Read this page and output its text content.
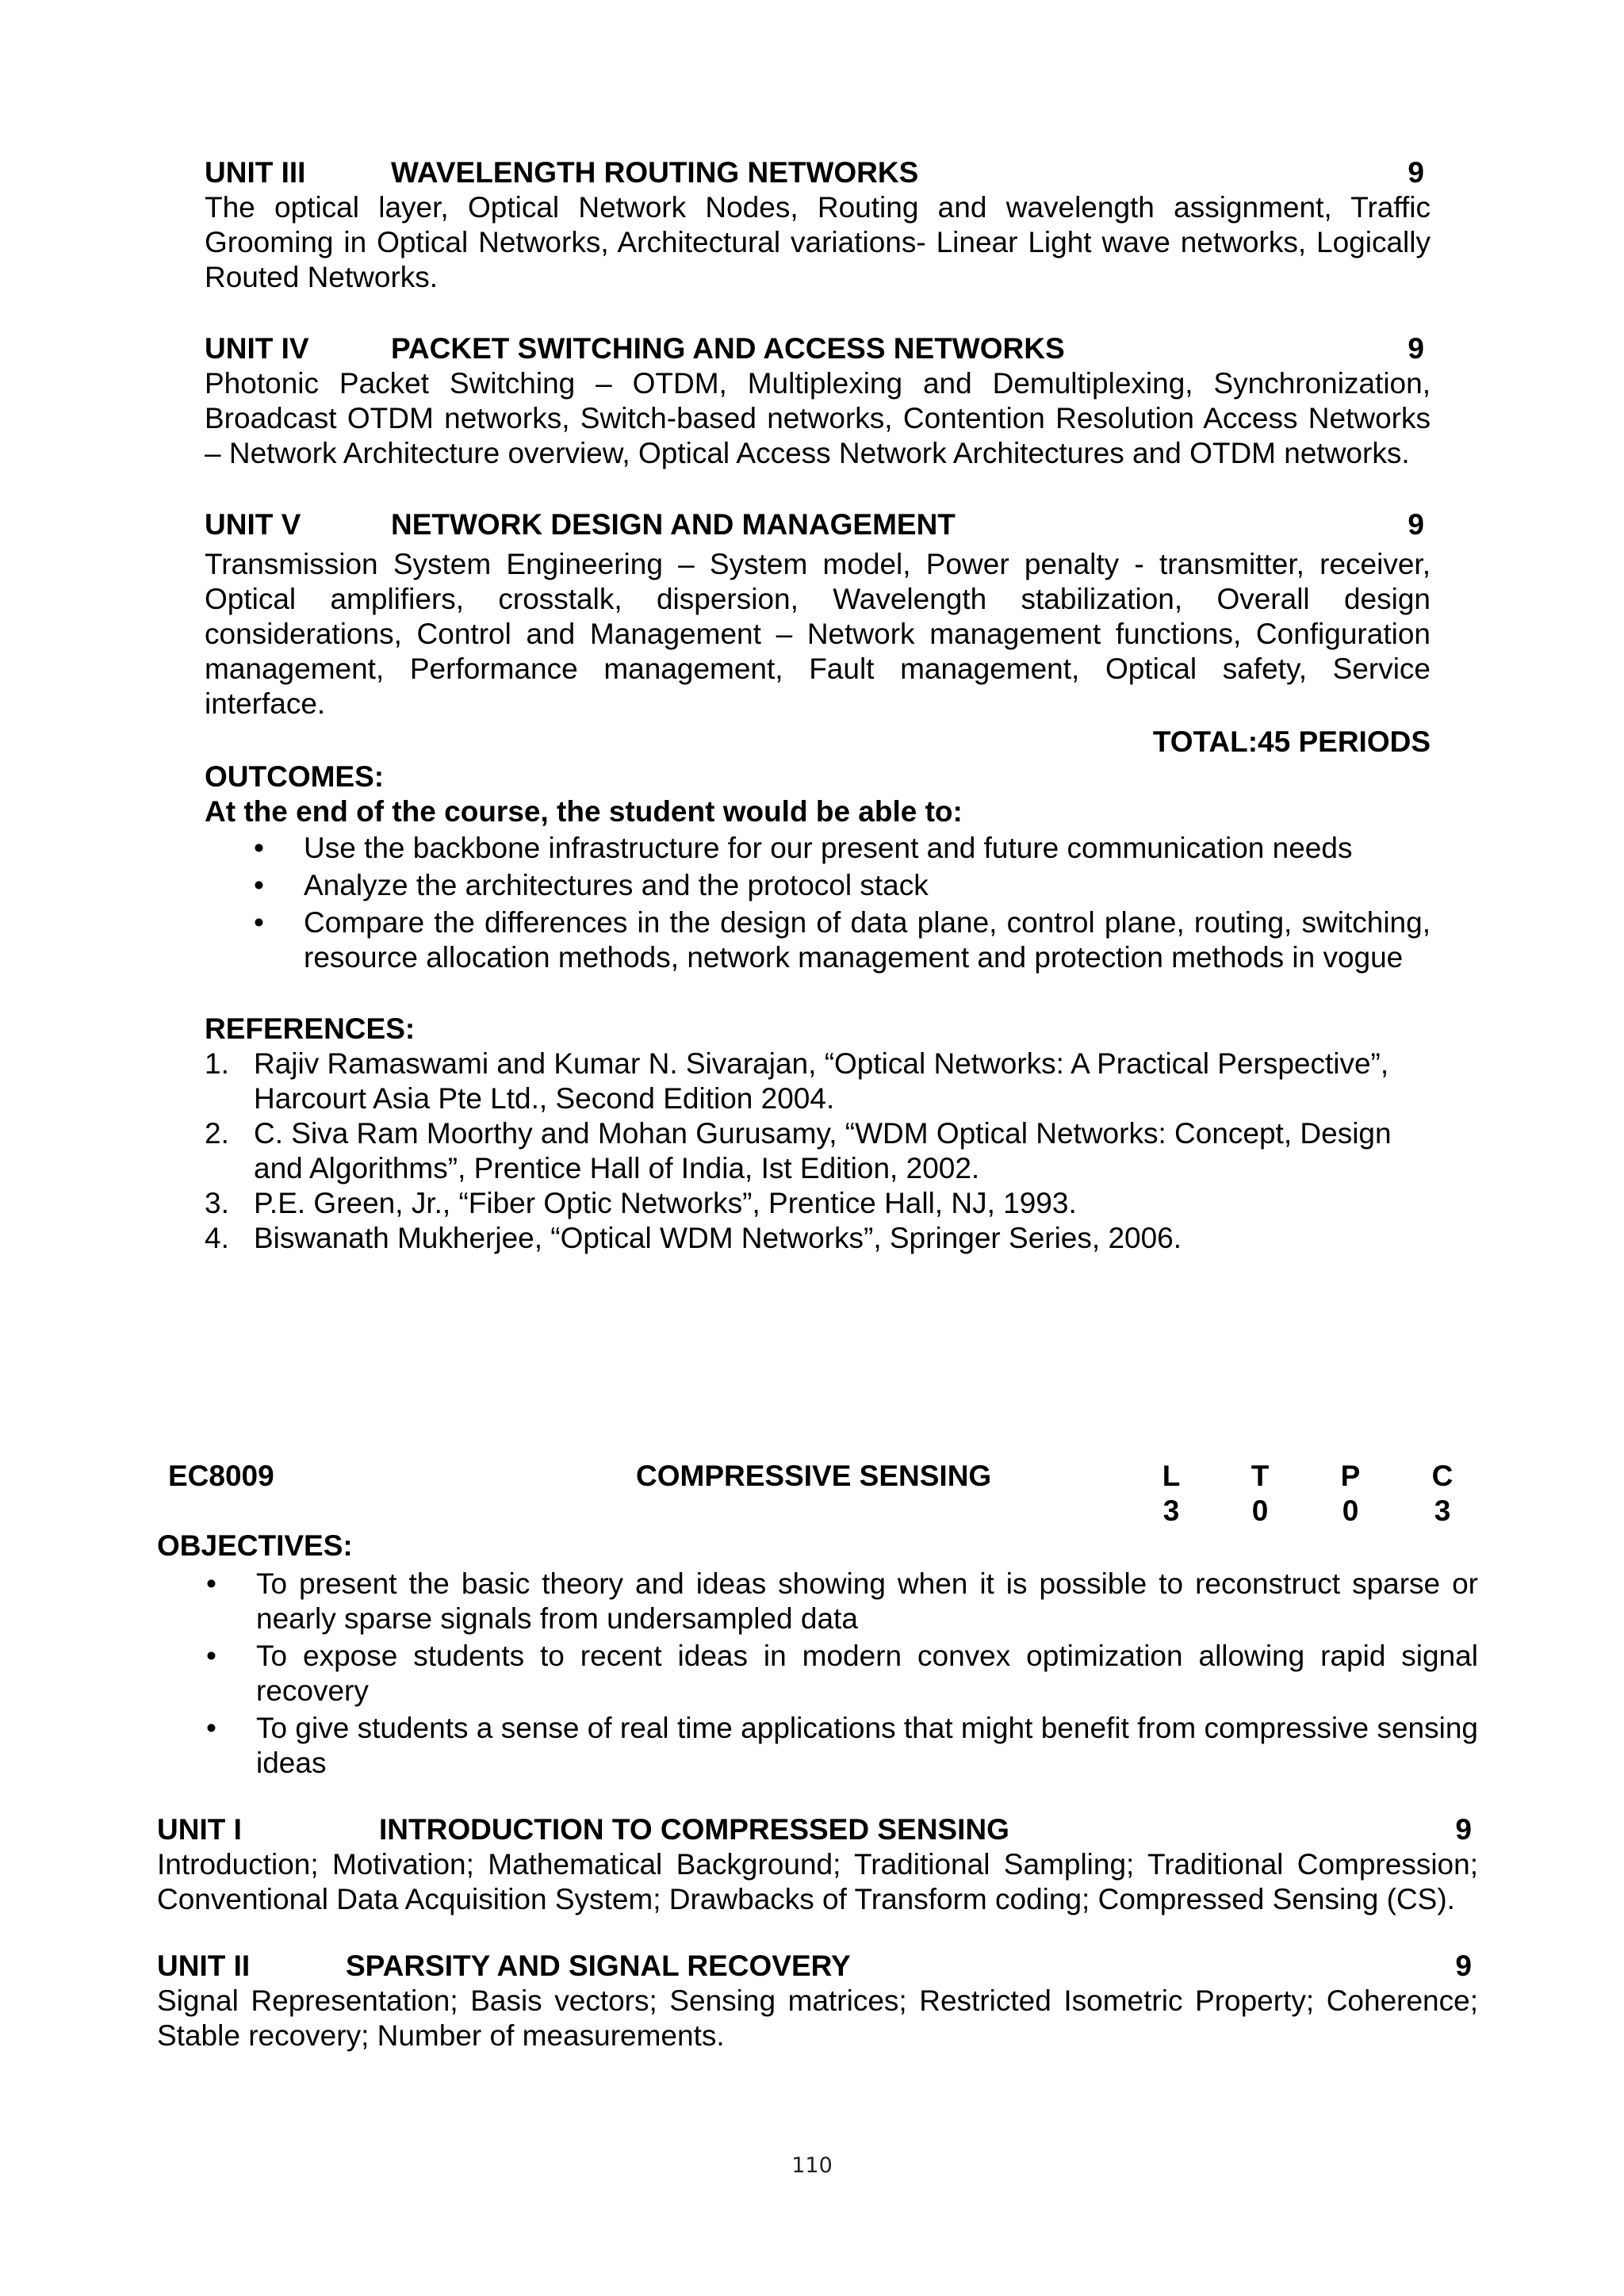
UNIT III	WAVELENGTH ROUTING NETWORKS	9

The optical layer, Optical Network Nodes, Routing and wavelength assignment, Traffic Grooming in Optical Networks, Architectural variations- Linear Light wave networks, Logically Routed Networks.

UNIT IV	PACKET SWITCHING AND ACCESS NETWORKS	9

Photonic Packet Switching – OTDM, Multiplexing and Demultiplexing, Synchronization, Broadcast OTDM networks, Switch-based networks, Contention Resolution Access Networks – Network Architecture overview, Optical Access Network Architectures and OTDM networks.

UNIT V	NETWORK DESIGN AND MANAGEMENT	9

Transmission System Engineering – System model, Power penalty - transmitter, receiver, Optical amplifiers, crosstalk, dispersion, Wavelength stabilization, Overall design considerations, Control and Management – Network management functions, Configuration management, Performance management, Fault management, Optical safety, Service interface.

TOTAL:45 PERIODS
OUTCOMES:
At the end of the course, the student would be able to:
• Use the backbone infrastructure for our present and future communication needs
• Analyze the architectures and the protocol stack
• Compare the differences in the design of data plane, control plane, routing, switching, resource allocation methods, network management and protection methods in vogue
REFERENCES:
1. Rajiv Ramaswami and Kumar N. Sivarajan, “Optical Networks: A Practical Perspective”, Harcourt Asia Pte Ltd., Second Edition 2004.
2. C. Siva Ram Moorthy and Mohan Gurusamy, “WDM Optical Networks: Concept, Design and Algorithms”, Prentice Hall of India, Ist Edition, 2002.
3. P.E. Green, Jr., “Fiber Optic Networks”, Prentice Hall, NJ, 1993.
4. Biswanath Mukherjee, “Optical WDM Networks”, Springer Series, 2006.
EC8009	COMPRESSIVE SENSING	L	T	P	C
3	0	0	3
OBJECTIVES:
• To present the basic theory and ideas showing when it is possible to reconstruct sparse or nearly sparse signals from undersampled data
• To expose students to recent ideas in modern convex optimization allowing rapid signal recovery
• To give students a sense of real time applications that might benefit from compressive sensing ideas
UNIT I	INTRODUCTION TO COMPRESSED SENSING	9

Introduction; Motivation; Mathematical Background; Traditional Sampling; Traditional Compression; Conventional Data Acquisition System; Drawbacks of Transform coding; Compressed Sensing (CS).

UNIT II	SPARSITY AND SIGNAL RECOVERY	9

Signal Representation; Basis vectors; Sensing matrices; Restricted Isometric Property; Coherence; Stable recovery; Number of measurements.

110
